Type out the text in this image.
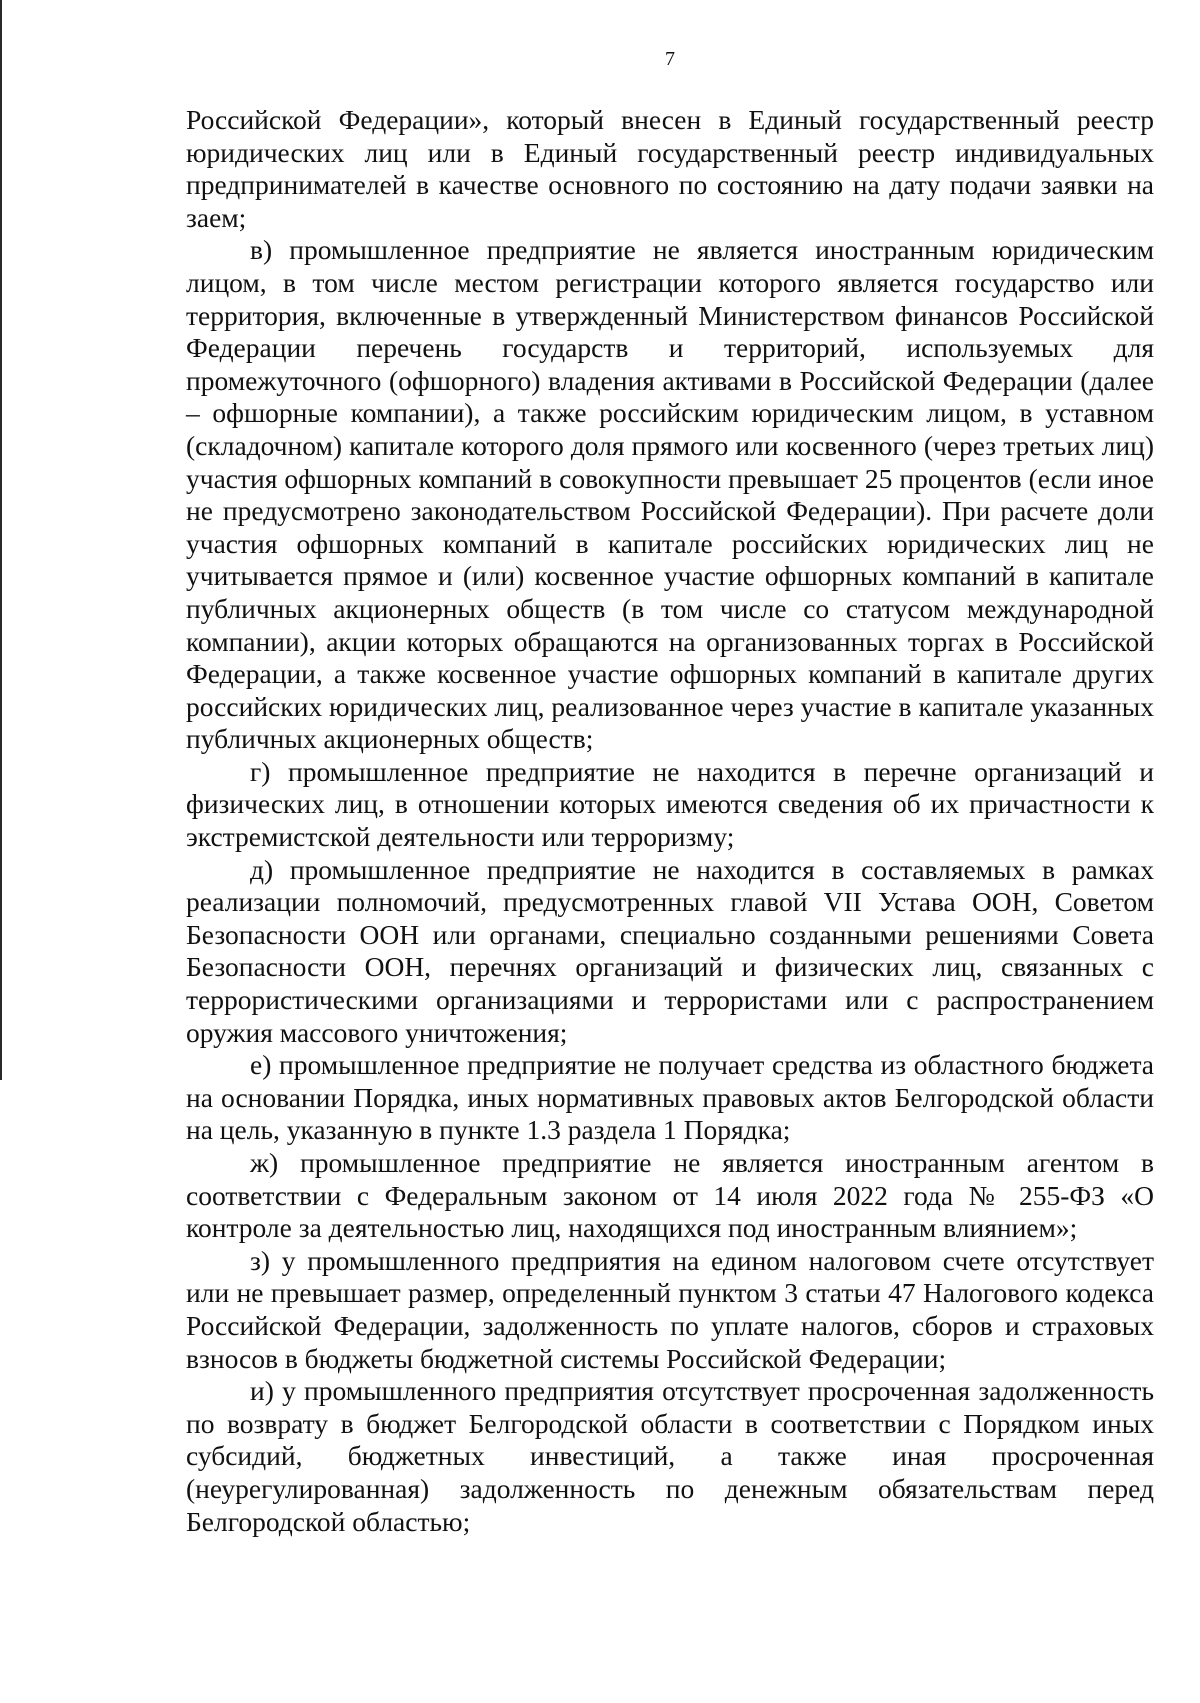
7

Российской Федерации», который внесен в Единый государственный реестр юридических лиц или в Единый государственный реестр индивидуальных предпринимателей в качестве основного по состоянию на дату подачи заявки на заем;

в) промышленное предприятие не является иностранным юридическим лицом, в том числе местом регистрации которого является государство или территория, включенные в утвержденный Министерством финансов Российской Федерации перечень государств и территорий, используемых для промежуточного (офшорного) владения активами в Российской Федерации (далее – офшорные компании), а также российским юридическим лицом, в уставном (складочном) капитале которого доля прямого или косвенного (через третьих лиц) участия офшорных компаний в совокупности превышает 25 процентов (если иное не предусмотрено законодательством Российской Федерации). При расчете доли участия офшорных компаний в капитале российских юридических лиц не учитывается прямое и (или) косвенное участие офшорных компаний в капитале публичных акционерных обществ (в том числе со статусом международной компании), акции которых обращаются на организованных торгах в Российской Федерации, а также косвенное участие офшорных компаний в капитале других российских юридических лиц, реализованное через участие в капитале указанных публичных акционерных обществ;

г) промышленное предприятие не находится в перечне организаций и физических лиц, в отношении которых имеются сведения об их причастности к экстремистской деятельности или терроризму;

д) промышленное предприятие не находится в составляемых в рамках реализации полномочий, предусмотренных главой VII Устава ООН, Советом Безопасности ООН или органами, специально созданными решениями Совета Безопасности ООН, перечнях организаций и физических лиц, связанных с террористическими организациями и террористами или с распространением оружия массового уничтожения;

е) промышленное предприятие не получает средства из областного бюджета на основании Порядка, иных нормативных правовых актов Белгородской области на цель, указанную в пункте 1.3 раздела 1 Порядка;

ж) промышленное предприятие не является иностранным агентом в соответствии с Федеральным законом от 14 июля 2022 года № 255-ФЗ «О контроле за деятельностью лиц, находящихся под иностранным влиянием»;

з) у промышленного предприятия на едином налоговом счете отсутствует или не превышает размер, определенный пунктом 3 статьи 47 Налогового кодекса Российской Федерации, задолженность по уплате налогов, сборов и страховых взносов в бюджеты бюджетной системы Российской Федерации;

и) у промышленного предприятия отсутствует просроченная задолженность по возврату в бюджет Белгородской области в соответствии с Порядком иных субсидий, бюджетных инвестиций, а также иная просроченная (неурегулированная) задолженность по денежным обязательствам перед Белгородской областью;
